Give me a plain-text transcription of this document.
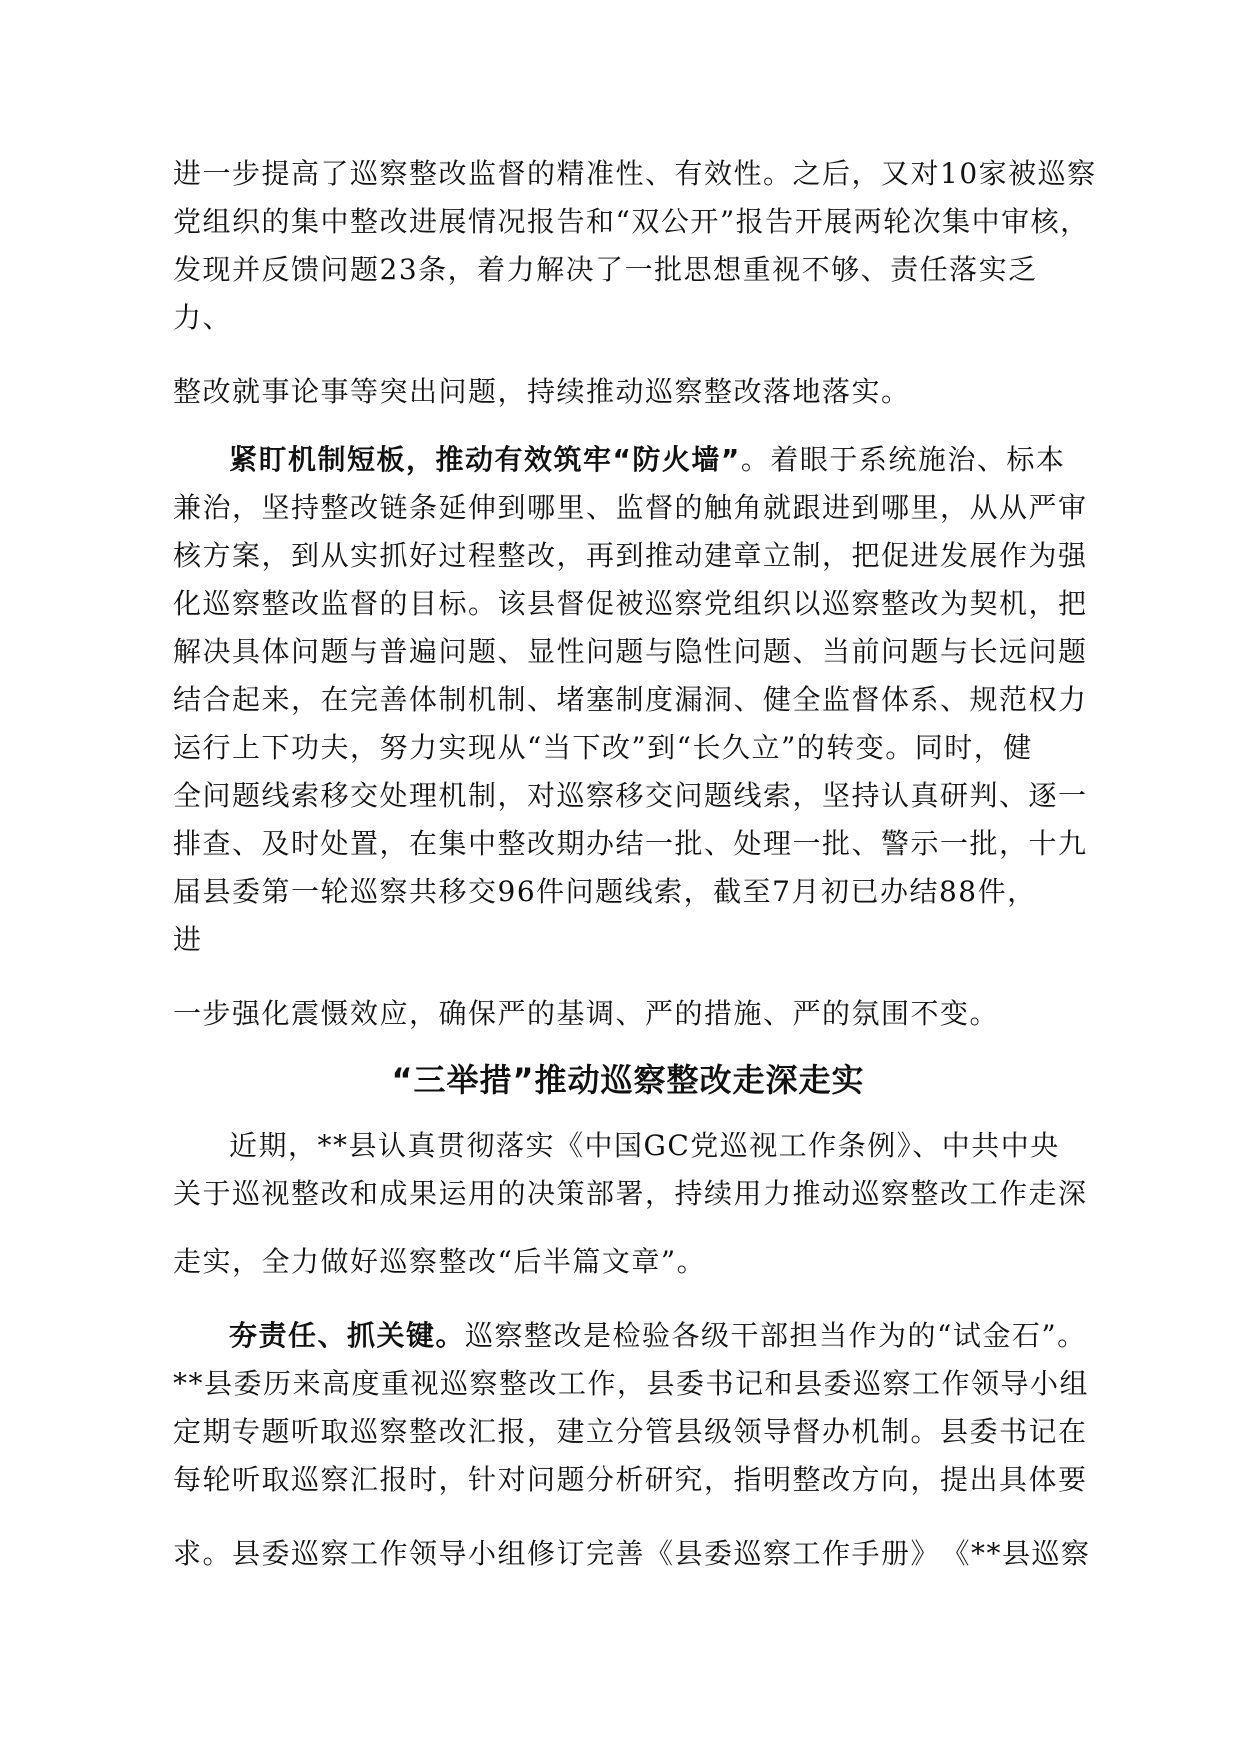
进一步提高了巡察整改监督的精准性、有效性。之后，又对10家被巡察
党组织的集中整改进展情况报告和“双公开”报告开展两轮次集中审核，
发现并反馈问题23条，着力解决了一批思想重视不够、责任落实乏
力、
整改就事论事等突出问题，持续推动巡察整改落地落实。
紧盯机制短板，推动有效筑牢“防火墙”。着眼于系统施治、标本
兼治，坚持整改链条延伸到哪里、监督的触角就跟进到哪里，从从严审
核方案，到从实抓好过程整改，再到推动建章立制，把促进发展作为强
化巡察整改监督的目标。该县督促被巡察党组织以巡察整改为契机，把
解决具体问题与普遍问题、显性问题与隐性问题、当前问题与长远问题
结合起来，在完善体制机制、堵塞制度漏洞、健全监督体系、规范权力
运行上下功夫，努力实现从“当下改”到“长久立”的转变。同时，健
全问题线索移交处理机制，对巡察移交问题线索，坚持认真研判、逐一
排查、及时处置，在集中整改期办结一批、处理一批、警示一批，十九
届县委第一轮巡察共移交96件问题线索，截至7月初已办结88件，
进
一步强化震慑效应，确保严的基调、严的措施、严的氛围不变。
“三举措”推动巡察整改走深走实
近期，**县认真贯彻落实《中国GC党巡视工作条例》、中共中央
关于巡视整改和成果运用的决策部署，持续用力推动巡察整改工作走深
走实，全力做好巡察整改“后半篇文章”。
夯责任、抓关键。巡察整改是检验各级干部担当作为的“试金石”。
**县委历来高度重视巡察整改工作，县委书记和县委巡察工作领导小组
定期专题听取巡察整改汇报，建立分管县级领导督办机制。县委书记在
每轮听取巡察汇报时，针对问题分析研究，指明整改方向，提出具体要
求。县委巡察工作领导小组修订完善《县委巡察工作手册》　《**县巡察
